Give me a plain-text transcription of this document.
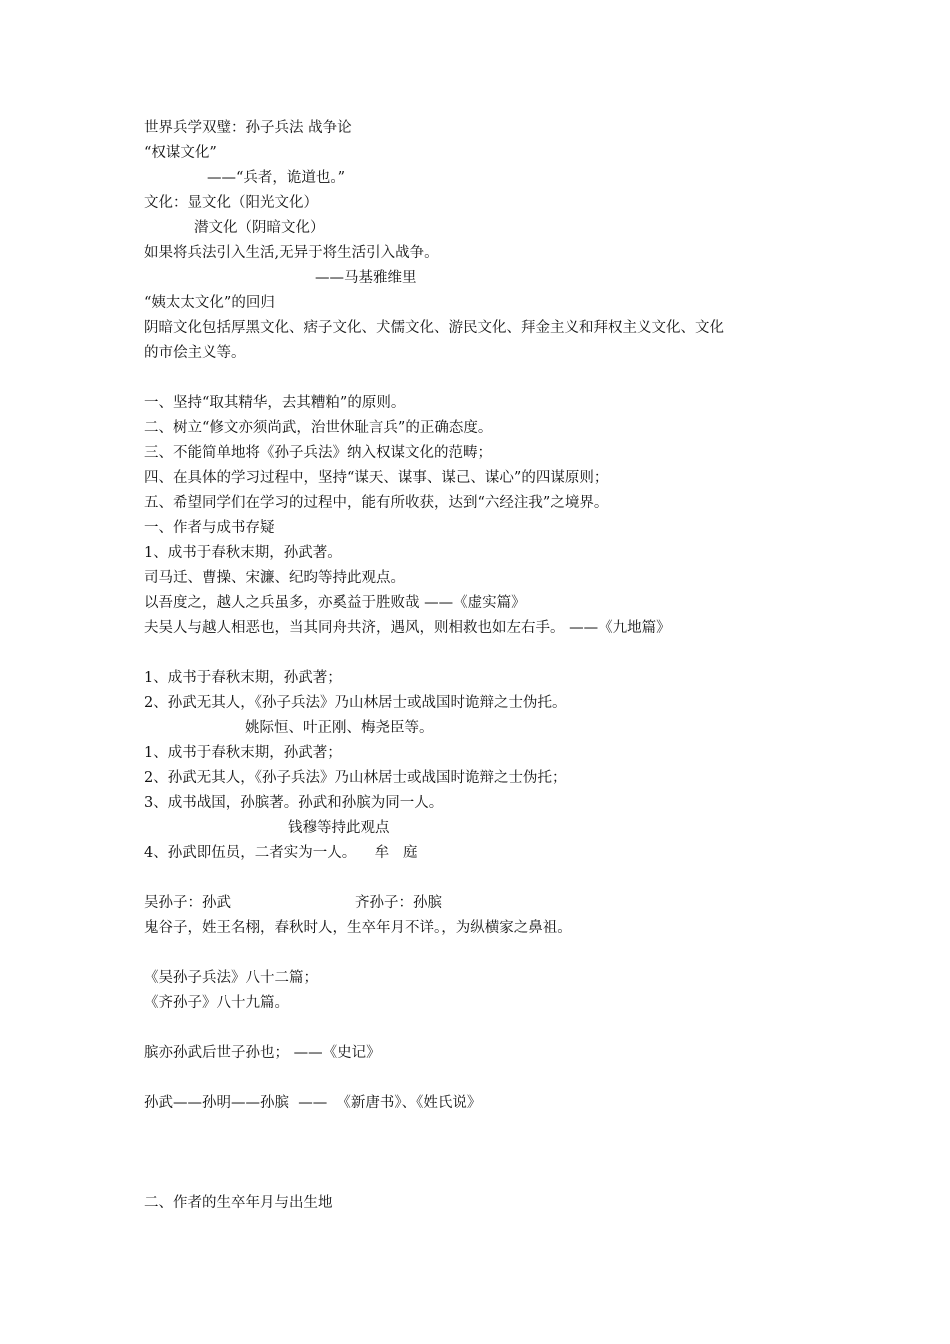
世界兵学双璧：孙子兵法 战争论
“权谋文化”
——“兵者，诡道也。”
文化：显文化（阳光文化）
潜文化（阴暗文化）
如果将兵法引入生活,无异于将生活引入战争。
——马基雅维里
“姨太太文化”的回归
阴暗文化包括厚黑文化、痞子文化、犬儒文化、游民文化、拜金主义和拜权主义文化、文化
的市侩主义等。
一、坚持“取其精华，去其糟粕”的原则。
二、树立“修文亦须尚武，治世休耻言兵”的正确态度。
三、不能简单地将《孙子兵法》纳入权谋文化的范畴；
四、在具体的学习过程中，坚持“谋天、谋事、谋己、谋心”的四谋原则；
五、希望同学们在学习的过程中，能有所收获，达到“六经注我”之境界。
一、作者与成书存疑
1、成书于春秋末期，孙武著。
司马迁、曹操、宋濂、纪昀等持此观点。
以吾度之，越人之兵虽多，亦奚益于胜败哉 ——《虚实篇》
夫吴人与越人相恶也，当其同舟共济，遇风，则相救也如左右手。 ——《九地篇》
1、成书于春秋末期，孙武著；
2、孙武无其人，《孙子兵法》乃山林居士或战国时诡辩之士伪托。
姚际恒、叶正刚、梅尧臣等。
1、成书于春秋末期，孙武著；
2、孙武无其人，《孙子兵法》乃山林居士或战国时诡辩之士伪托；
3、成书战国，孙膑著。孙武和孙膑为同一人。
钱穆等持此观点
4、孙武即伍员，二者实为一人。    牟   庭
吴孙子：孙武	齐孙子：孙膑
鬼谷子，姓王名栩，春秋时人，生卒年月不详。，为纵横家之鼻祖。
《吴孙子兵法》八十二篇；
《齐孙子》八十九篇。
膑亦孙武后世子孙也； ——《史记》
孙武——孙明——孙膑  ——  《新唐书》、《姓氏说》
二、作者的生卒年月与出生地
